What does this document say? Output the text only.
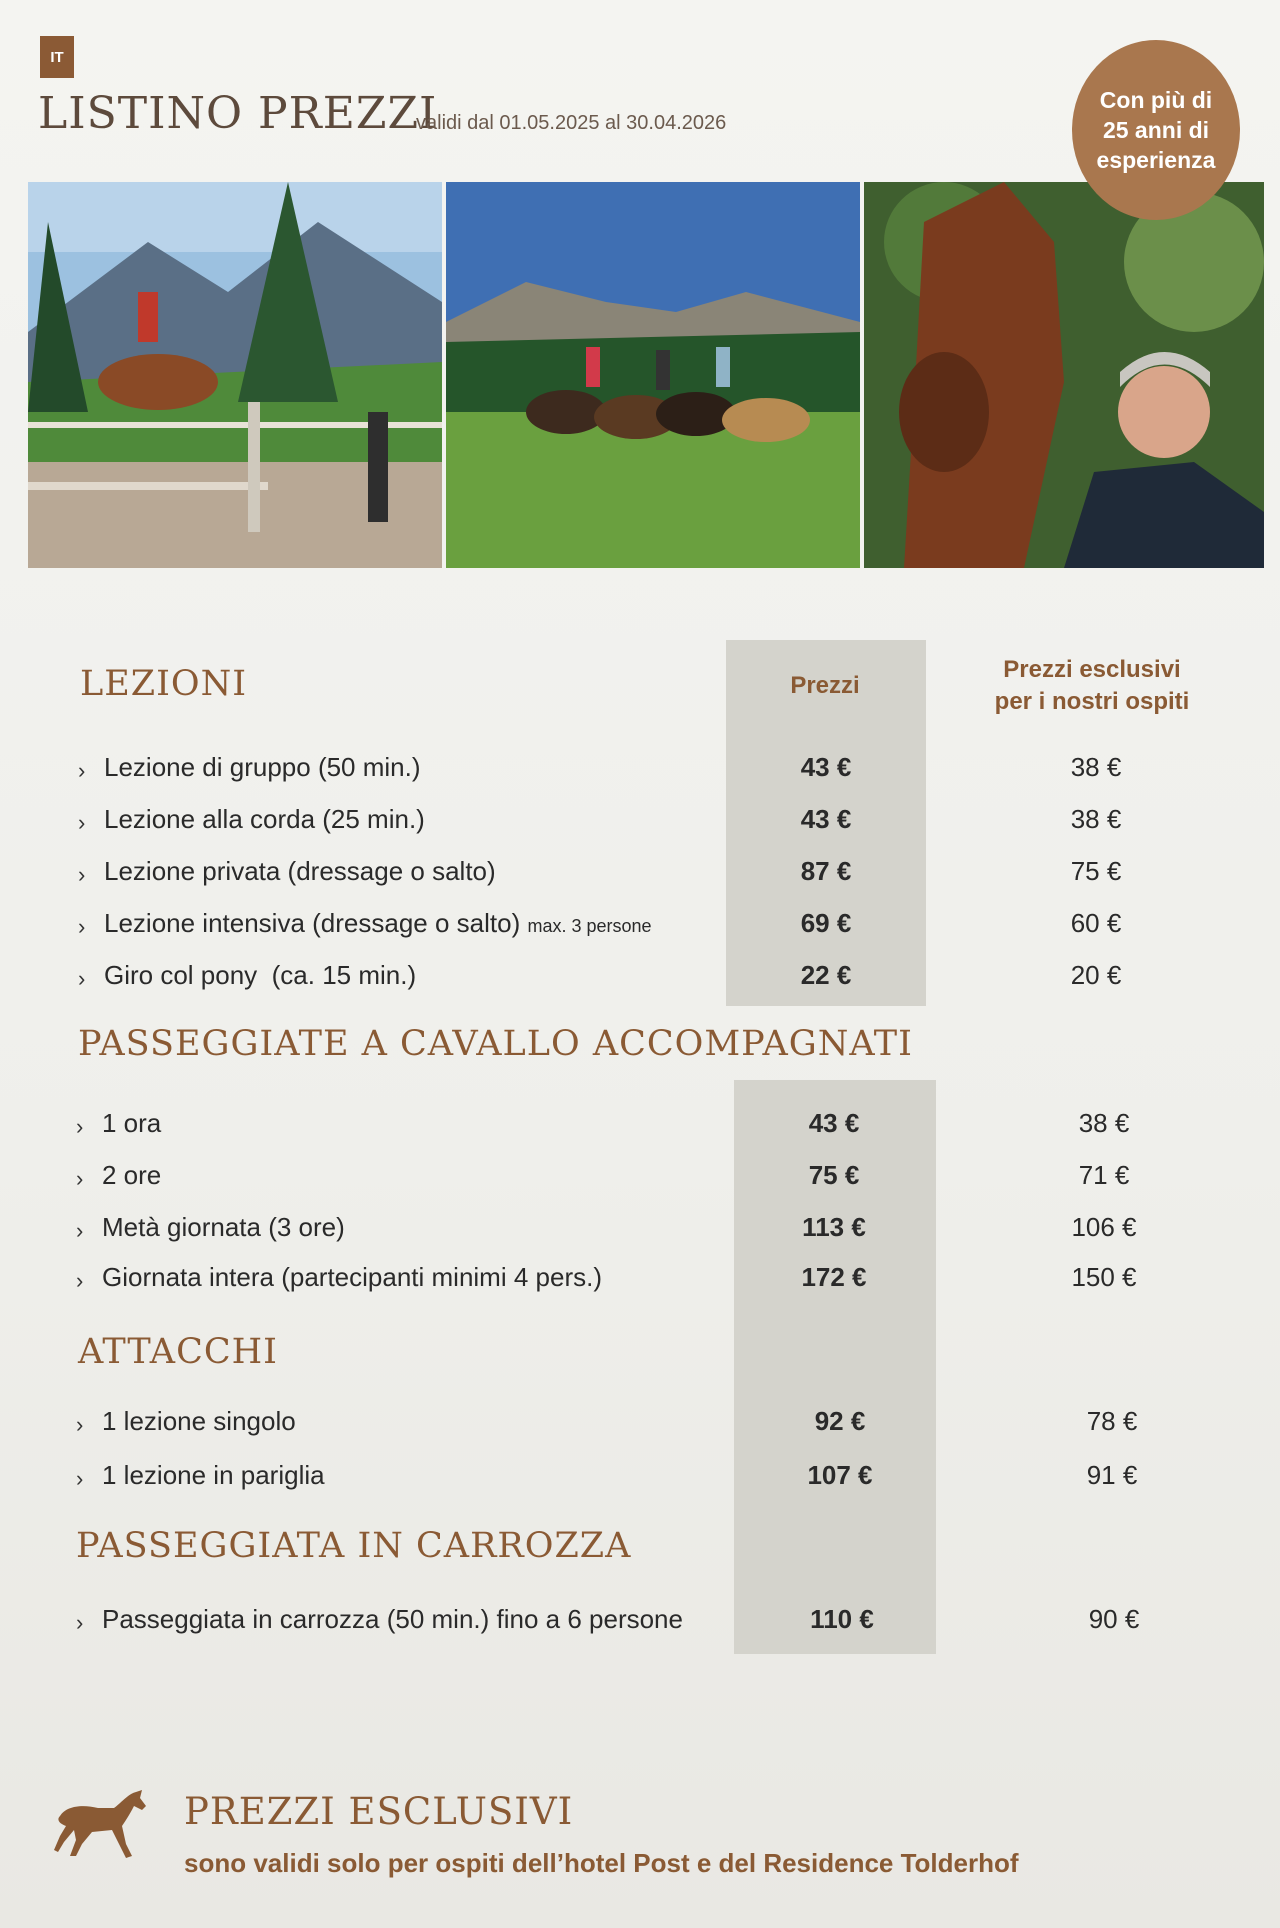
IT
LISTINO PREZZI
validi dal 01.05.2025 al 30.04.2026
Con più di 25 anni di esperienza
Prezzi
Prezzi esclusivi per i nostri ospiti
LEZIONI
› Lezione di gruppo (50 min.)	43 €	38 €
› Lezione alla corda (25 min.)	43 €	38 €
› Lezione privata (dressage o salto)	87 €	75 €
› Lezione intensiva (dressage o salto) max. 3 persone	69 €	60 €
› Giro col pony  (ca. 15 min.)	22 €	20 €
PASSEGGIATE A CAVALLO ACCOMPAGNATI
› 1 ora	43 €	38 €
› 2 ore	75 €	71 €
› Metà giornata (3 ore)	113 €	106 €
› Giornata intera (partecipanti minimi 4 pers.)	172 €	150 €
ATTACCHI
› 1 lezione singolo	92 €	78 €
› 1 lezione in pariglia	107 €	91 €
PASSEGGIATA IN CARROZZA
› Passeggiata in carrozza (50 min.) fino a 6 persone	110 €	90 €
PREZZI ESCLUSIVI
sono validi solo per ospiti dell’hotel Post e del Residence Tolderhof
